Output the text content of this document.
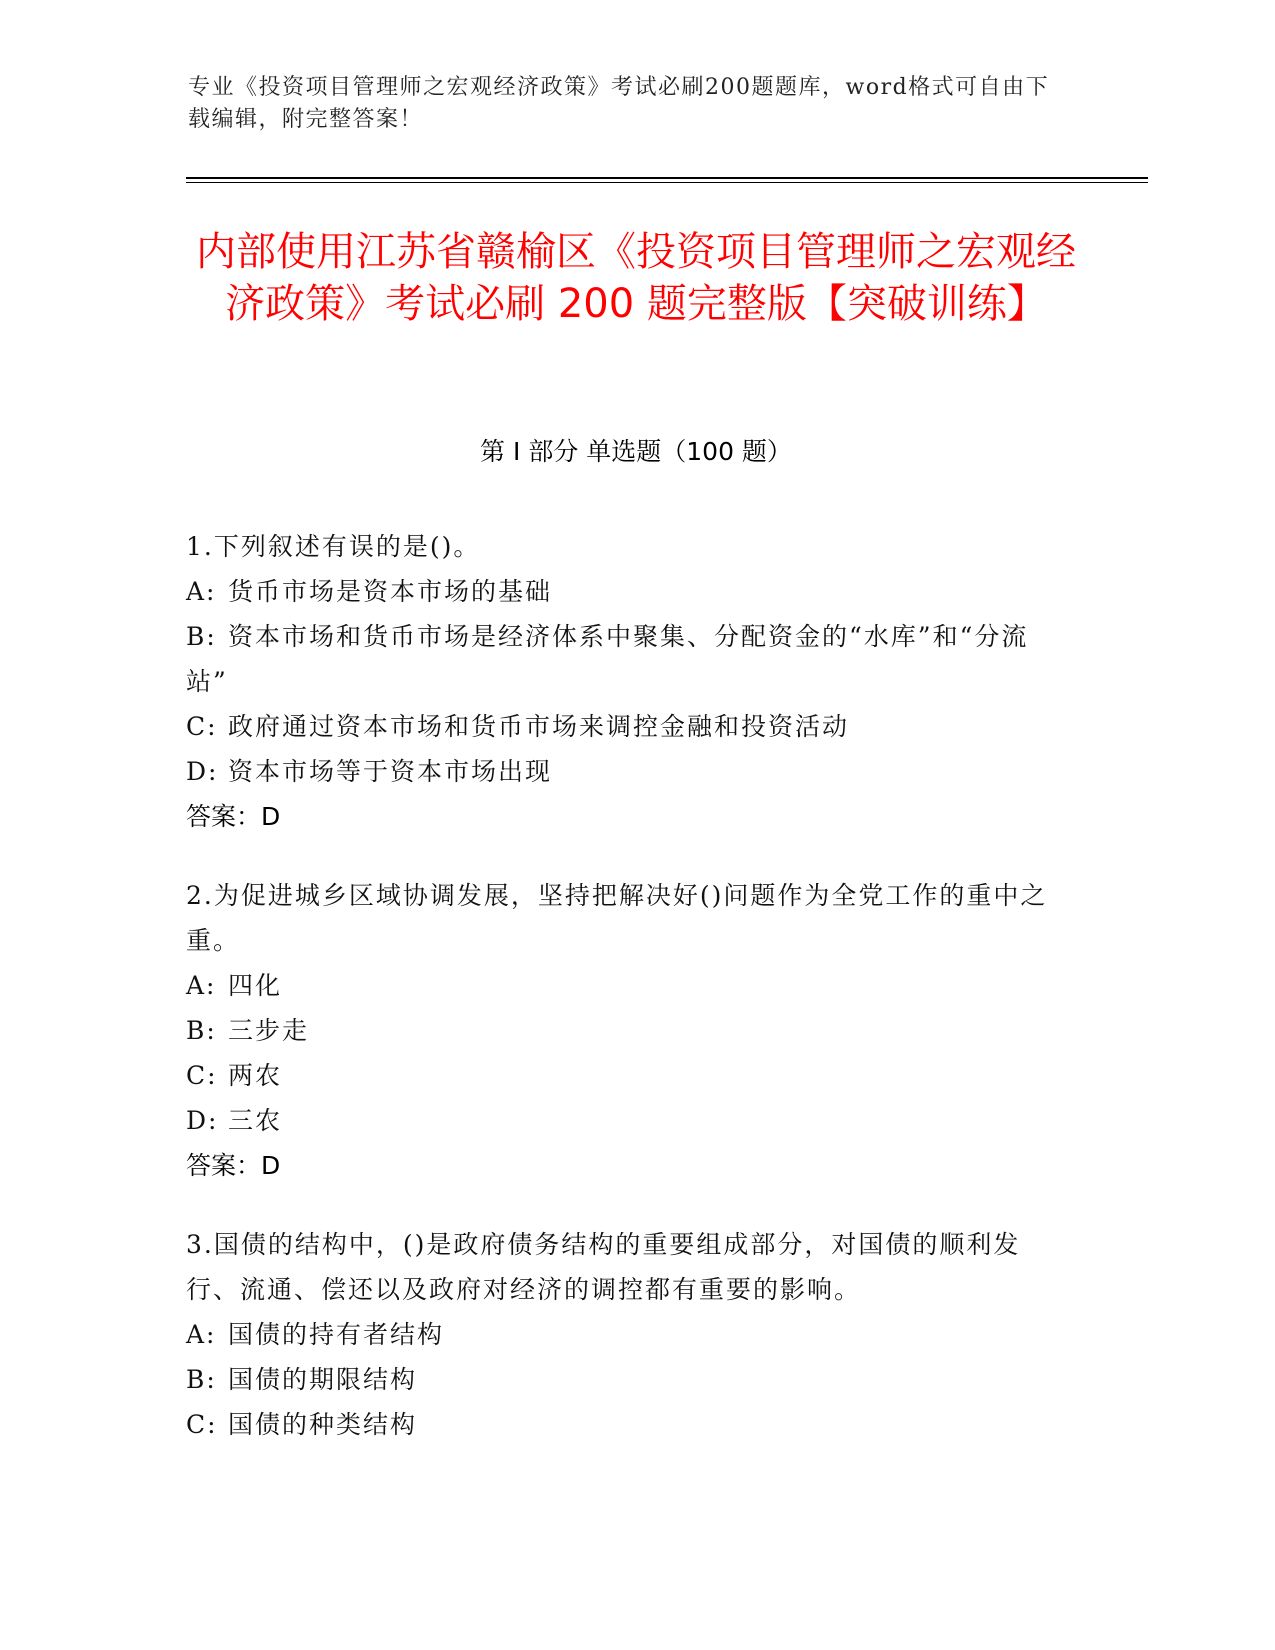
专业《投资项目管理师之宏观经济政策》考试必刷200题题库，word格式可自由下载编辑，附完整答案！
内部使用江苏省赣榆区《投资项目管理师之宏观经济政策》考试必刷 200 题完整版【突破训练】
第 I 部分 单选题（100 题）

1.下列叙述有误的是()。

A: 货币市场是资本市场的基础

B: 资本市场和货币市场是经济体系中聚集、分配资金的“水库”和“分流站”

C: 政府通过资本市场和货币市场来调控金融和投资活动

D: 资本市场等于资本市场出现

答案：D

2.为促进城乡区域协调发展，坚持把解决好()问题作为全党工作的重中之重。

A: 四化

B: 三步走

C: 两农

D: 三农

答案：D

3.国债的结构中，()是政府债务结构的重要组成部分，对国债的顺利发行、流通、偿还以及政府对经济的调控都有重要的影响。

A: 国债的持有者结构

B: 国债的期限结构

C: 国债的种类结构
